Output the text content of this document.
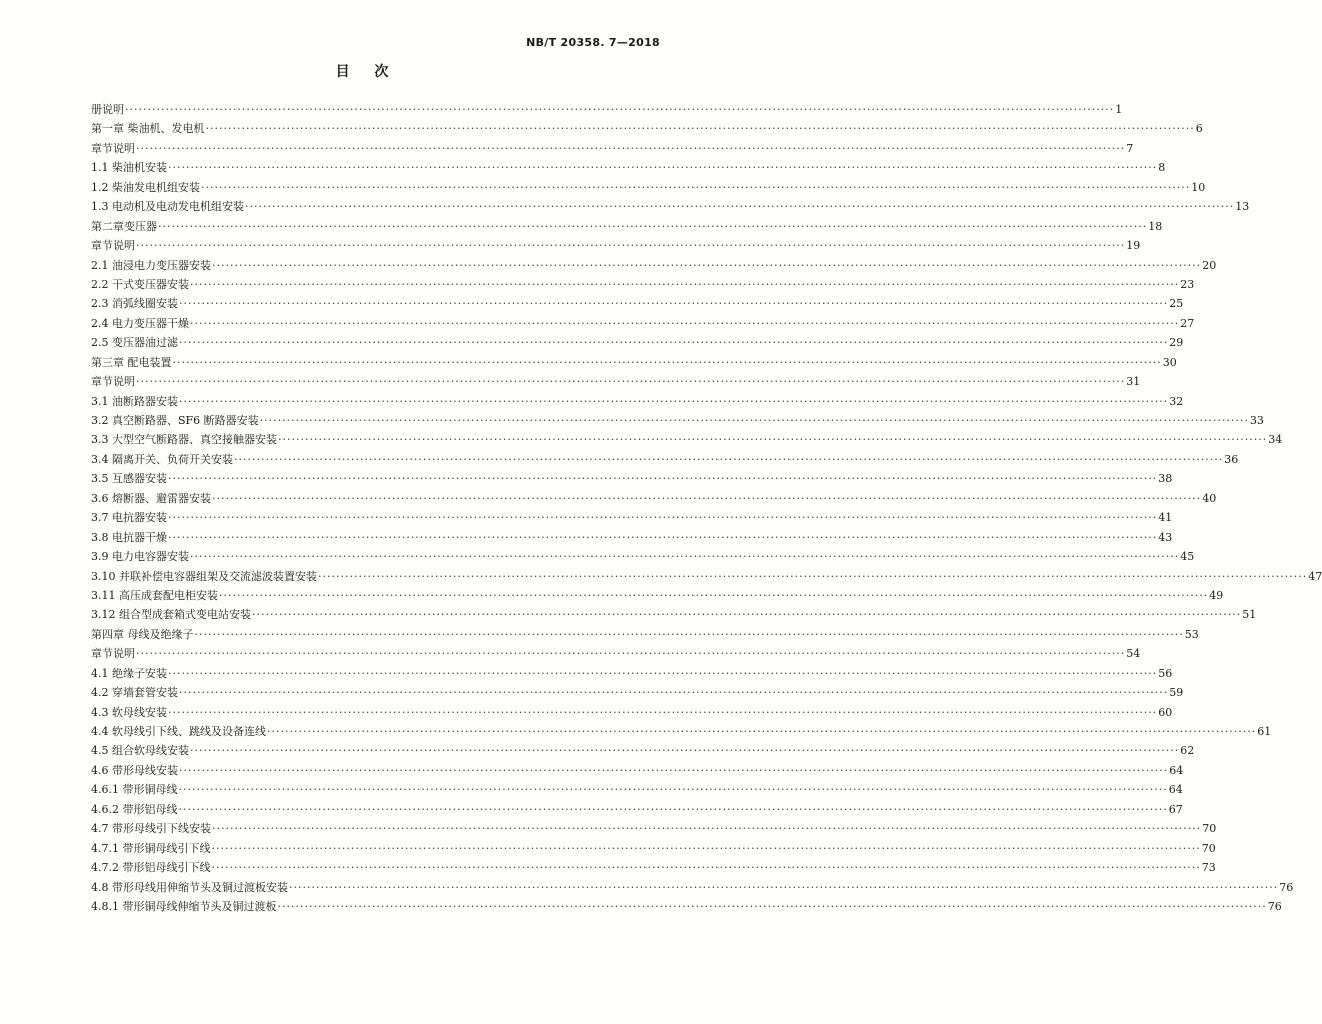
NB/T 20358. 7—2018
目 次
册说明 ···························································································································································································································· 1
第一章 柴油机、发电机 ···························································································································································································································· 6
章节说明 ···························································································································································································································· 7
1.1 柴油机安装 ···························································································································································································································· 8
1.2 柴油发电机组安装 ···························································································································································································································· 10
1.3 电动机及电动发电机组安装 ···························································································································································································································· 13
第二章变压器 ···························································································································································································································· 18
章节说明 ···························································································································································································································· 19
2.1 油浸电力变压器安装 ···························································································································································································································· 20
2.2 干式变压器安装 ···························································································································································································································· 23
2.3 消弧线圈安装 ···························································································································································································································· 25
2.4 电力变压器干燥 ···························································································································································································································· 27
2.5 变压器油过滤 ···························································································································································································································· 29
第三章 配电装置 ···························································································································································································································· 30
章节说明 ···························································································································································································································· 31
3.1 油断路器安装 ···························································································································································································································· 32
3.2 真空断路器、SF6 断路器安装 ···························································································································································································································· 33
3.3 大型空气断路器、真空接触器安装 ···························································································································································································································· 34
3.4 隔离开关、负荷开关安装 ···························································································································································································································· 36
3.5 互感器安装 ···························································································································································································································· 38
3.6 熔断器、避雷器安装 ···························································································································································································································· 40
3.7 电抗器安装 ···························································································································································································································· 41
3.8 电抗器干燥 ···························································································································································································································· 43
3.9 电力电容器安装 ···························································································································································································································· 45
3.10 并联补偿电容器组架及交流滤波装置安装 ···························································································································································································································· 47
3.11 高压成套配电柜安装 ···························································································································································································································· 49
3.12 组合型成套箱式变电站安装 ···························································································································································································································· 51
第四章 母线及绝缘子 ···························································································································································································································· 53
章节说明 ···························································································································································································································· 54
4.1 绝缘子安装 ···························································································································································································································· 56
4.2 穿墙套管安装 ···························································································································································································································· 59
4.3 软母线安装 ···························································································································································································································· 60
4.4 软母线引下线、跳线及设备连线 ···························································································································································································································· 61
4.5 组合软母线安装 ···························································································································································································································· 62
4.6 带形母线安装 ···························································································································································································································· 64
4.6.1 带形铜母线 ···························································································································································································································· 64
4.6.2 带形铝母线 ···························································································································································································································· 67
4.7 带形母线引下线安装 ···························································································································································································································· 70
4.7.1 带形铜母线引下线 ···························································································································································································································· 70
4.7.2 带形铝母线引下线 ···························································································································································································································· 73
4.8 带形母线用伸缩节头及铜过渡板安装 ···························································································································································································································· 76
4.8.1 带形铜母线伸缩节头及铜过渡板 ···························································································································································································································· 76
